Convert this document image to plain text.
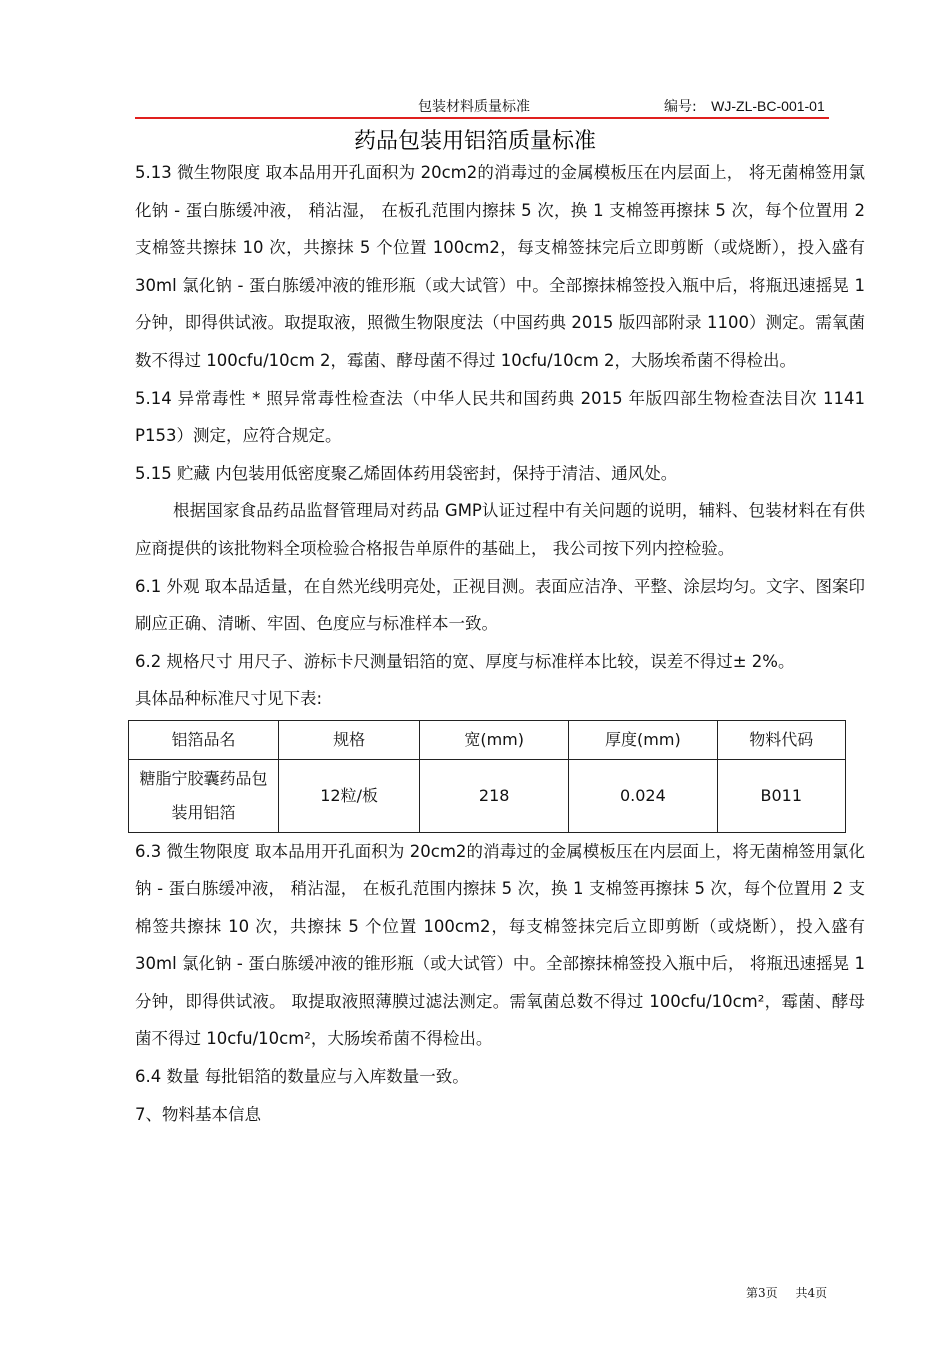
包装材料质量标准	编号: WJ-ZL-BC-001-01
药品包装用铝箔质量标准

5.13 微生物限度 取本品用开孔面积为 20cm2的消毒过的金属模板压在内层面上， 将无菌棉签用氯化钠 - 蛋白胨缓冲液， 稍沾湿， 在板孔范围内擦抹 5 次，换 1 支棉签再擦抹 5 次，每个位置用 2 支棉签共擦抹 10 次，共擦抹 5 个位置 100cm2，每支棉签抹完后立即剪断（或烧断），投入盛有 30ml 氯化钠 - 蛋白胨缓冲液的锥形瓶（或大试管）中。全部擦抹棉签投入瓶中后，将瓶迅速摇晃 1 分钟，即得供试液。取提取液，照微生物限度法（中国药典 2015 版四部附录 1100）测定。需氧菌数不得过 100cfu/10cm 2，霉菌、酵母菌不得过 10cfu/10cm 2，大肠埃希菌不得检出。

5.14 异常毒性 * 照异常毒性检查法（中华人民共和国药典 2015 年版四部生物检查法目次 1141 P153）测定，应符合规定。

5.15 贮藏 内包装用低密度聚乙烯固体药用袋密封，保持于清洁、通风处。

根据国家食品药品监督管理局对药品 GMP认证过程中有关问题的说明，辅料、包装材料在有供应商提供的该批物料全项检验合格报告单原件的基础上， 我公司按下列内控检验。

6.1 外观 取本品适量，在自然光线明亮处，正视目测。表面应洁净、平整、涂层均匀。文字、图案印刷应正确、清晰、牢固、色度应与标准样本一致。

6.2 规格尺寸 用尺子、游标卡尺测量铝箔的宽、厚度与标准样本比较，误差不得过± 2%。

具体品种标准尺寸见下表:

铝箔品名	规格	宽(mm)	厚度(mm)	物料代码
糖脂宁胶囊药品包装用铝箔	12粒/板	218	0.024	B011

6.3 微生物限度 取本品用开孔面积为 20cm2的消毒过的金属模板压在内层面上，将无菌棉签用氯化钠 - 蛋白胨缓冲液， 稍沾湿， 在板孔范围内擦抹 5 次，换 1 支棉签再擦抹 5 次，每个位置用 2 支棉签共擦抹 10 次，共擦抹 5 个位置 100cm2，每支棉签抹完后立即剪断（或烧断），投入盛有 30ml 氯化钠 - 蛋白胨缓冲液的锥形瓶（或大试管）中。全部擦抹棉签投入瓶中后， 将瓶迅速摇晃 1 分钟，即得供试液。 取提取液照薄膜过滤法测定。需氧菌总数不得过 100cfu/10cm²，霉菌、酵母菌不得过 10cfu/10cm²，大肠埃希菌不得检出。

6.4 数量 每批铝箔的数量应与入库数量一致。

7、物料基本信息

第3页 共4页
